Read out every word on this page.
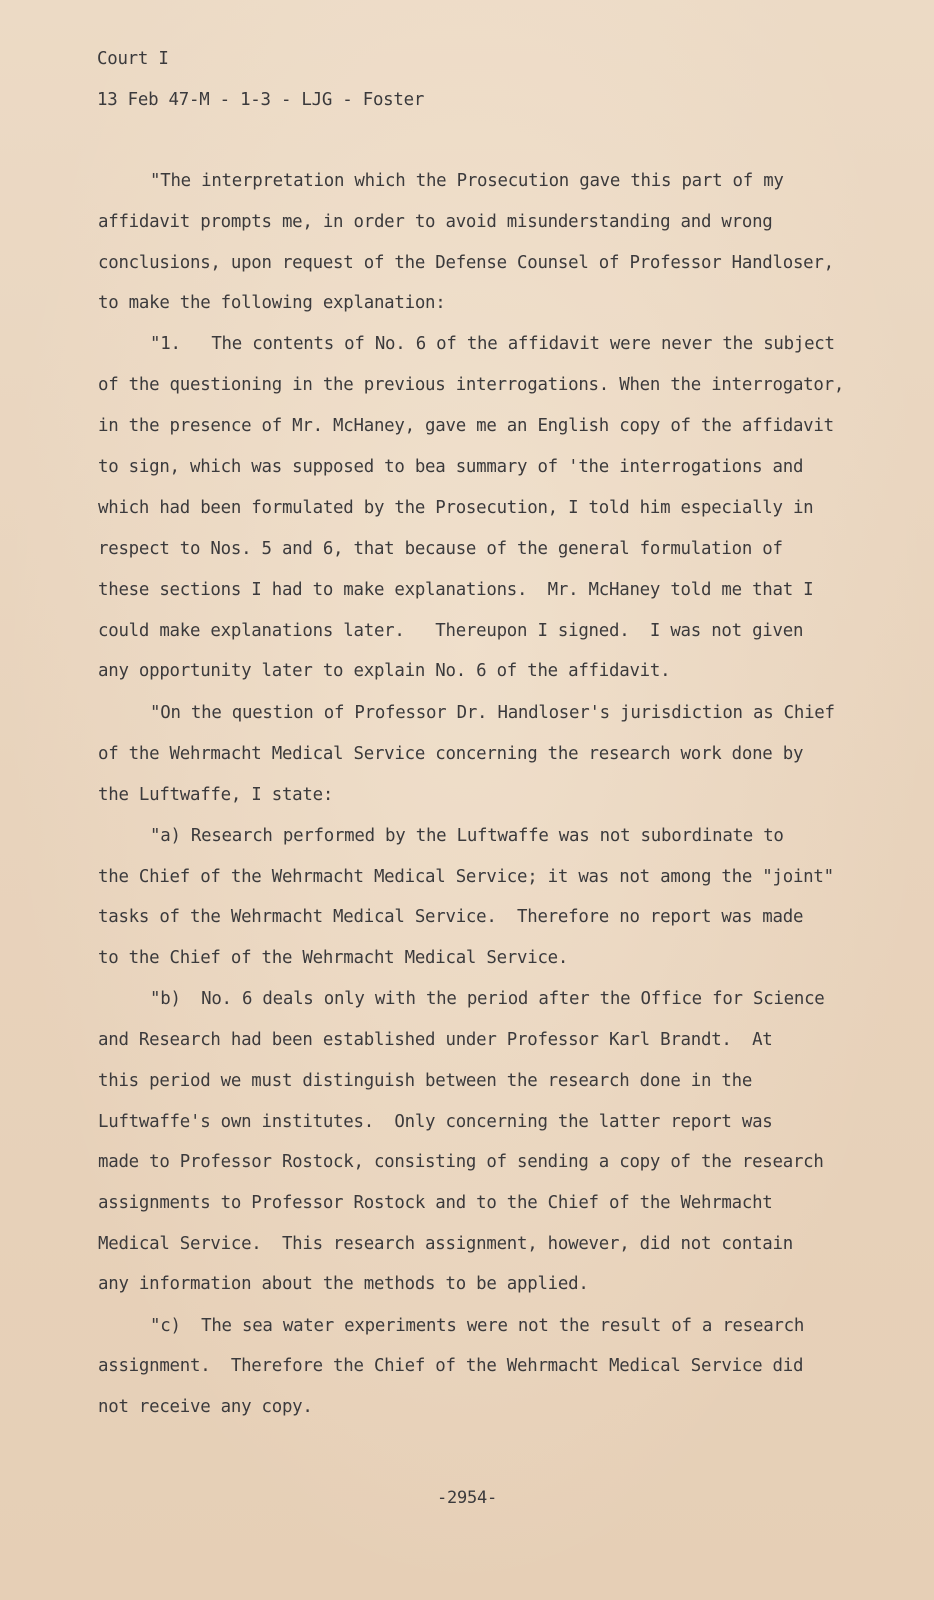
Court I
13 Feb 47-M - 1-3 - LJG - Foster
"The interpretation which the Prosecution gave this part of my
affidavit prompts me, in order to avoid misunderstanding and wrong
conclusions, upon request of the Defense Counsel of Professor Handloser,
to make the following explanation:
"1.   The contents of No. 6 of the affidavit were never the subject
of the questioning in the previous interrogations. When the interrogator,
in the presence of Mr. McHaney, gave me an English copy of the affidavit
to sign, which was supposed to bea summary of 'the interrogations and
which had been formulated by the Prosecution, I told him especially in
respect to Nos. 5 and 6, that because of the general formulation of
these sections I had to make explanations.  Mr. McHaney told me that I
could make explanations later.   Thereupon I signed.  I was not given
any opportunity later to explain No. 6 of the affidavit.
"On the question of Professor Dr. Handloser's jurisdiction as Chief
of the Wehrmacht Medical Service concerning the research work done by
the Luftwaffe, I state:
"a) Research performed by the Luftwaffe was not subordinate to
the Chief of the Wehrmacht Medical Service; it was not among the "joint"
tasks of the Wehrmacht Medical Service.  Therefore no report was made
to the Chief of the Wehrmacht Medical Service.
"b)  No. 6 deals only with the period after the Office for Science
and Research had been established under Professor Karl Brandt.  At
this period we must distinguish between the research done in the
Luftwaffe's own institutes.  Only concerning the latter report was
made to Professor Rostock, consisting of sending a copy of the research
assignments to Professor Rostock and to the Chief of the Wehrmacht
Medical Service.  This research assignment, however, did not contain
any information about the methods to be applied.
"c)  The sea water experiments were not the result of a research
assignment.  Therefore the Chief of the Wehrmacht Medical Service did
not receive any copy.
-2954-
